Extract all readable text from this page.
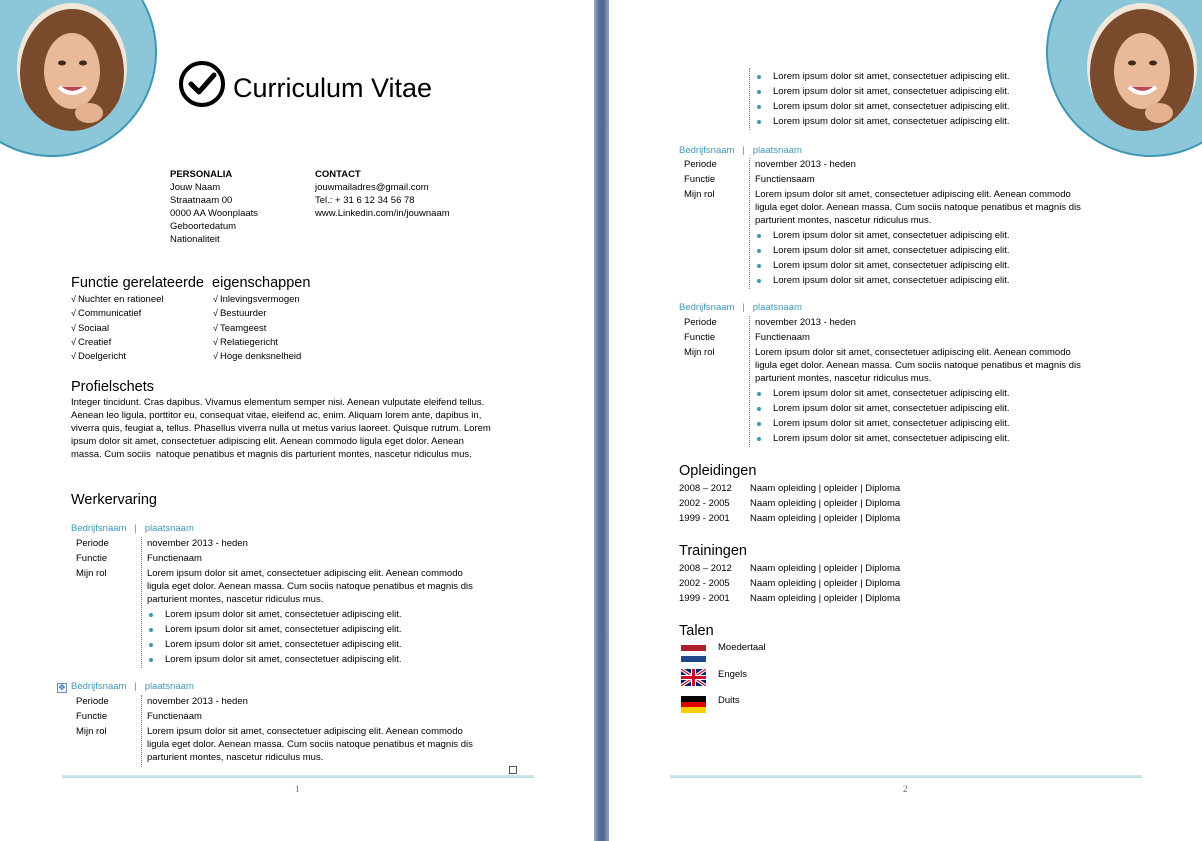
Curriculum Vitae
PERSONALIA
Jouw Naam
Straatnaam 00
0000 AA Woonplaats
Geboortedatum
Nationaliteit
CONTACT
jouwmailadres@gmail.com
Tel.: + 31 6 12 34 56 78
www.Linkedin.com/in/jouwnaam
Functie gerelateerde  eigenschappen
√ Nuchter en rationeel
√ Communicatief
√ Sociaal
√ Creatief
√ Doelgericht
√ Inlevingsvermogen
√ Bestuurder
√ Teamgeest
√ Relatiegericht
√ Hoge denksnelheid
Profielschets
Integer tincidunt. Cras dapibus. Vivamus elementum semper nisi. Aenean vulputate eleifend tellus.
Aenean leo ligula, porttitor eu, consequat vitae, eleifend ac, enim. Aliquam lorem ante, dapibus in,
viverra quis, feugiat a, tellus. Phasellus viverra nulla ut metus varius laoreet. Quisque rutrum. Lorem
ipsum dolor sit amet, consectetuer adipiscing elit. Aenean commodo ligula eget dolor. Aenean
massa. Cum sociis  natoque penatibus et magnis dis parturient montes, nascetur ridiculus mus.
Werkervaring
Bedrijfsnaam | plaatsnaam
Periode	november 2013 - heden
Functie	Functienaam
Mijn rol	Lorem ipsum dolor sit amet, consectetuer adipiscing elit. Aenean commodo
ligula eget dolor. Aenean massa. Cum sociis natoque penatibus et magnis dis
parturient montes, nascetur ridiculus mus.
Lorem ipsum dolor sit amet, consectetuer adipiscing elit.
Lorem ipsum dolor sit amet, consectetuer adipiscing elit.
Lorem ipsum dolor sit amet, consectetuer adipiscing elit.
Lorem ipsum dolor sit amet, consectetuer adipiscing elit.
✥ Bedrijfsnaam | plaatsnaam
Periode	november 2013 - heden
Functie	Functienaam
Mijn rol	Lorem ipsum dolor sit amet, consectetuer adipiscing elit. Aenean commodo
ligula eget dolor. Aenean massa. Cum sociis natoque penatibus et magnis dis
parturient montes, nascetur ridiculus mus.
1
Lorem ipsum dolor sit amet, consectetuer adipiscing elit.
Lorem ipsum dolor sit amet, consectetuer adipiscing elit.
Lorem ipsum dolor sit amet, consectetuer adipiscing elit.
Lorem ipsum dolor sit amet, consectetuer adipiscing elit.
Bedrijfsnaam | plaatsnaam
Periode	november 2013 - heden
Functie	Functiensaam
Mijn rol	Lorem ipsum dolor sit amet, consectetuer adipiscing elit. Aenean commodo
ligula eget dolor. Aenean massa. Cum sociis natoque penatibus et magnis dis
parturient montes, nascetur ridiculus mus.
Lorem ipsum dolor sit amet, consectetuer adipiscing elit.
Lorem ipsum dolor sit amet, consectetuer adipiscing elit.
Lorem ipsum dolor sit amet, consectetuer adipiscing elit.
Lorem ipsum dolor sit amet, consectetuer adipiscing elit.
Bedrijfsnaam | plaatsnaam
Periode	november 2013 - heden
Functie	Functienaam
Mijn rol	Lorem ipsum dolor sit amet, consectetuer adipiscing elit. Aenean commodo
ligula eget dolor. Aenean massa. Cum sociis natoque penatibus et magnis dis
parturient montes, nascetur ridiculus mus.
Lorem ipsum dolor sit amet, consectetuer adipiscing elit.
Lorem ipsum dolor sit amet, consectetuer adipiscing elit.
Lorem ipsum dolor sit amet, consectetuer adipiscing elit.
Lorem ipsum dolor sit amet, consectetuer adipiscing elit.
Opleidingen
2008 – 2012 Naam opleiding | opleider | Diploma
2002 - 2005 Naam opleiding | opleider | Diploma
1999 - 2001 Naam opleiding | opleider | Diploma
Trainingen
2008 – 2012 Naam opleiding | opleider | Diploma
2002 - 2005 Naam opleiding | opleider | Diploma
1999 - 2001 Naam opleiding | opleider | Diploma
Talen
Moedertaal
Engels
Duits
2
